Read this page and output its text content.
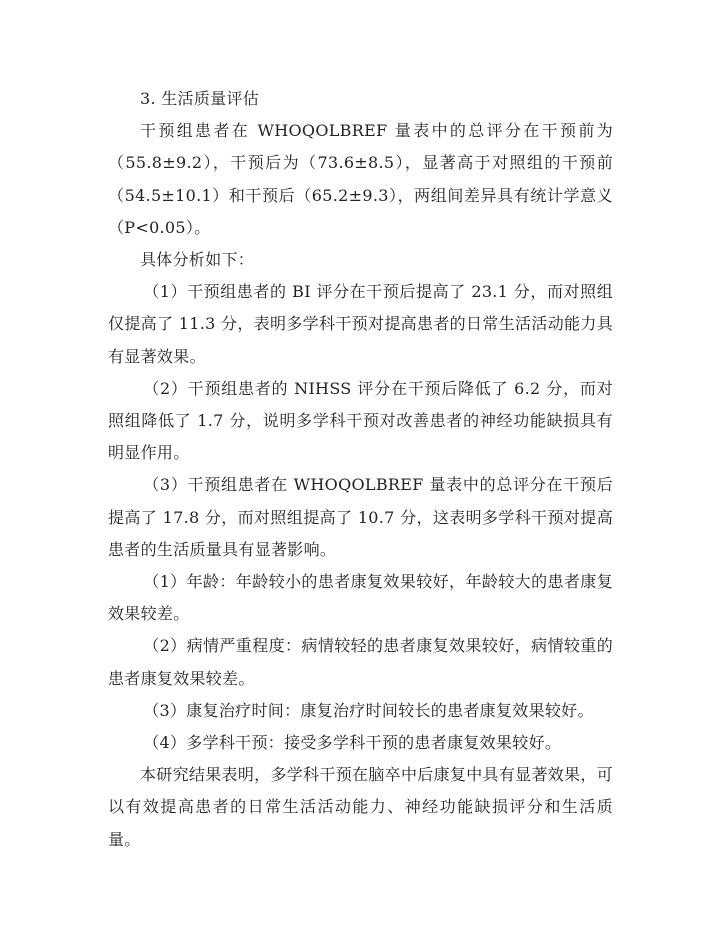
3. 生活质量评估

干预组患者在 WHOQOLBREF 量表中的总评分在干预前为（55.8±9.2），干预后为（73.6±8.5），显著高于对照组的干预前（54.5±10.1）和干预后（65.2±9.3），两组间差异具有统计学意义（P<0.05）。

具体分析如下：

（1）干预组患者的 BI 评分在干预后提高了 23.1 分，而对照组仅提高了 11.3 分，表明多学科干预对提高患者的日常生活活动能力具有显著效果。

（2）干预组患者的 NIHSS 评分在干预后降低了 6.2 分，而对照组降低了 1.7 分，说明多学科干预对改善患者的神经功能缺损具有明显作用。

（3）干预组患者在 WHOQOLBREF 量表中的总评分在干预后提高了 17.8 分，而对照组提高了 10.7 分，这表明多学科干预对提高患者的生活质量具有显著影响。

（1）年龄：年龄较小的患者康复效果较好，年龄较大的患者康复效果较差。

（2）病情严重程度：病情较轻的患者康复效果较好，病情较重的患者康复效果较差。

（3）康复治疗时间：康复治疗时间较长的患者康复效果较好。

（4）多学科干预：接受多学科干预的患者康复效果较好。

本研究结果表明，多学科干预在脑卒中后康复中具有显著效果，可以有效提高患者的日常生活活动能力、神经功能缺损评分和生活质量。
